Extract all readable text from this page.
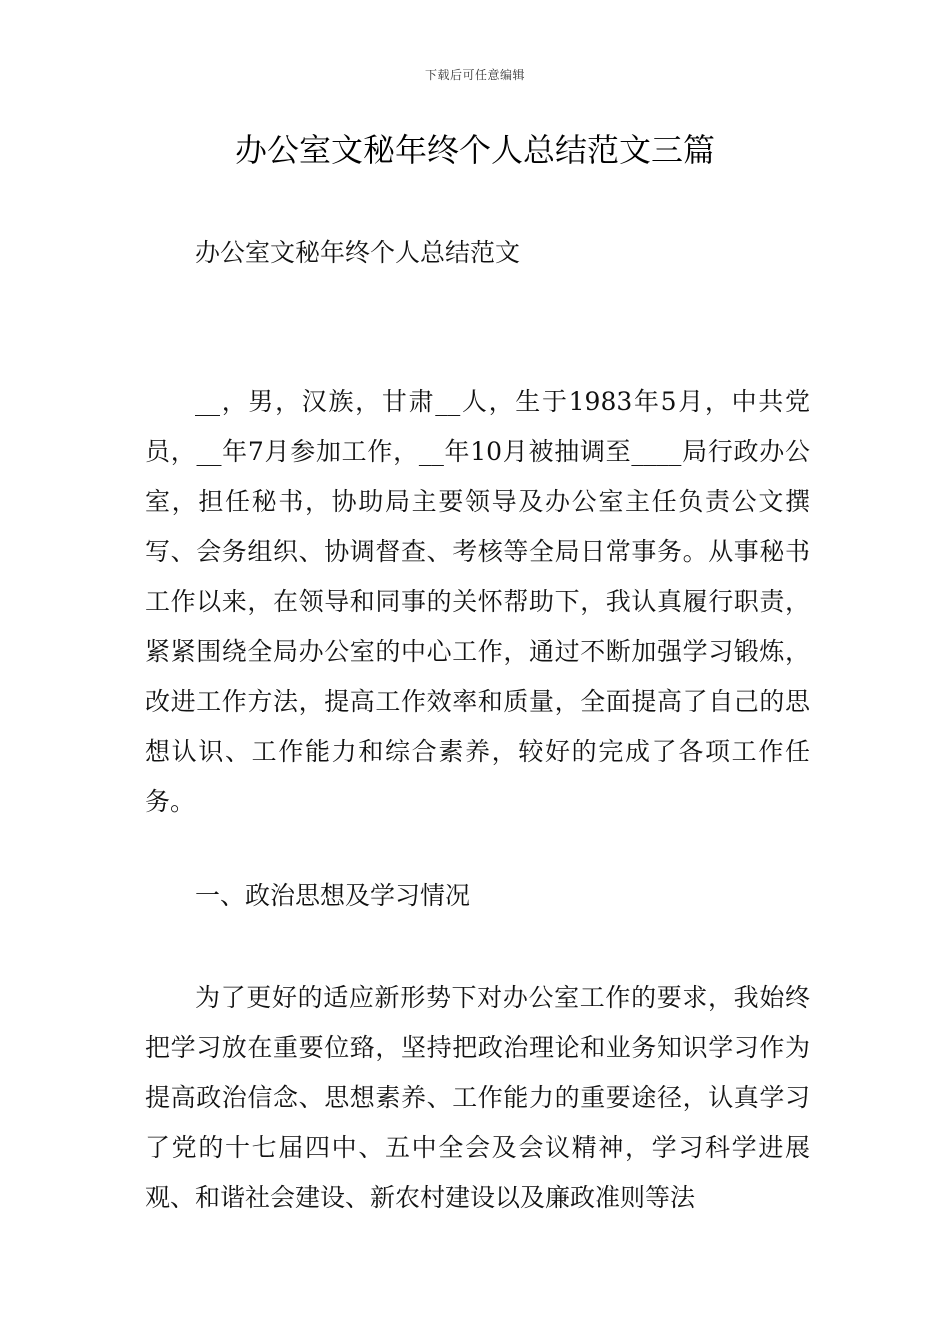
下载后可任意编辑
办公室文秘年终个人总结范文三篇

办公室文秘年终个人总结范文

__，男，汉族，甘肃__人，生于1983年5月，中共党员，__年7月参加工作，__年10月被抽调至____局行政办公室，担任秘书，协助局主要领导及办公室主任负责公文撰写、会务组织、协调督查、考核等全局日常事务。从事秘书工作以来，在领导和同事的关怀帮助下，我认真履行职责，紧紧围绕全局办公室的中心工作，通过不断加强学习锻炼，改进工作方法，提高工作效率和质量，全面提高了自己的思想认识、工作能力和综合素养，较好的完成了各项工作任务。

一、政治思想及学习情况

为了更好的适应新形势下对办公室工作的要求，我始终把学习放在重要位臵，坚持把政治理论和业务知识学习作为提高政治信念、思想素养、工作能力的重要途径，认真学习了党的十七届四中、五中全会及会议精神，学习科学进展观、和谐社会建设、新农村建设以及廉政准则等法
